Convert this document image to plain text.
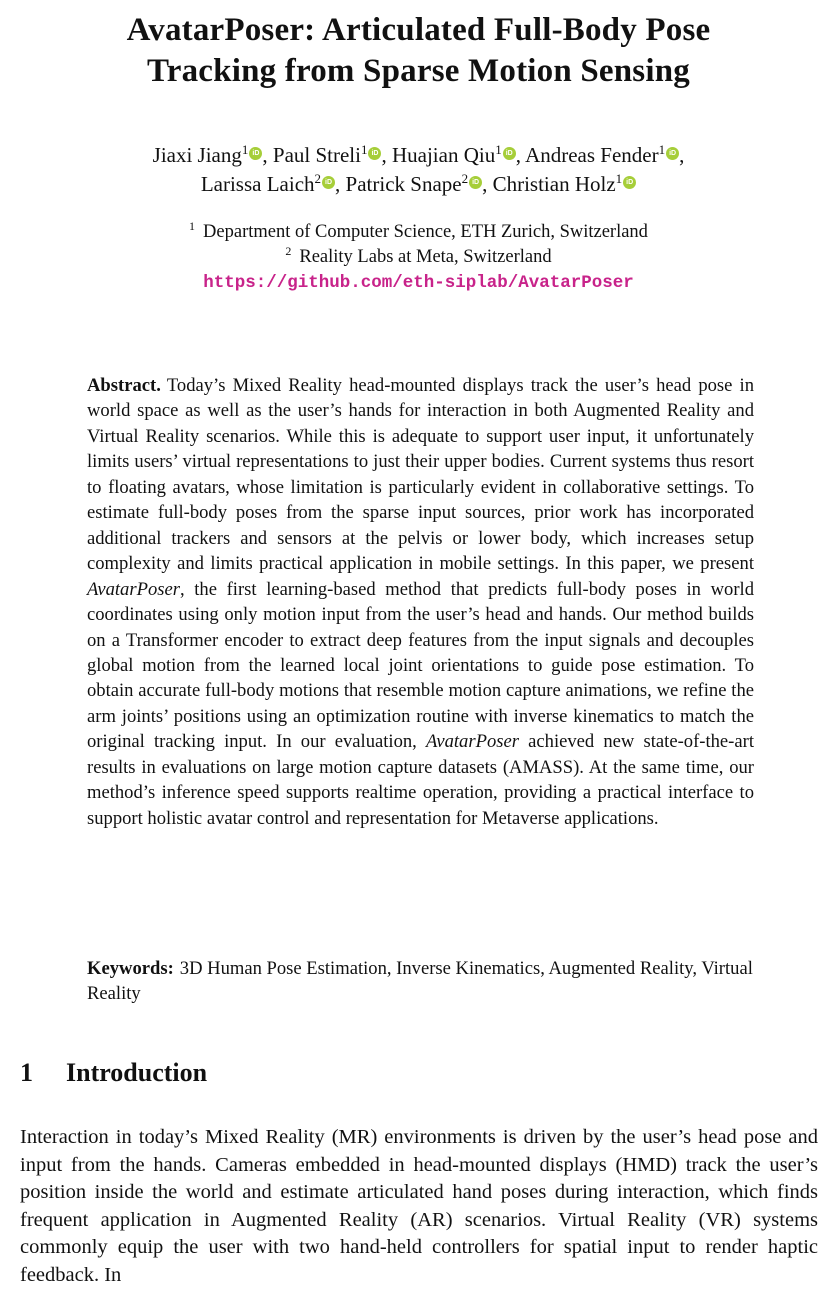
AvatarPoser: Articulated Full-Body Pose
Tracking from Sparse Motion Sensing
Jiaxi Jiang$^1$ iD , Paul Streli$^1$ iD , Huajian Qiu$^1$ iD , Andreas Fender$^1$ iD ,
Larissa Laich$^2$ iD , Patrick Snape$^2$ iD , Christian Holz$^1$iD
$^1$ Department of Computer Science, ETH Zurich, Switzerland
$^2$ Reality Labs at Meta, Switzerland
https://github.com/eth-siplab/AvatarPoser
Abstract. Today’s Mixed Reality head-mounted displays track the user’s head pose in world space as well as the user’s hands for interaction in both Augmented Reality and Virtual Reality scenarios. While this is adequate to support user input, it unfortunately limits users’ virtual representations to just their upper bodies. Current systems thus resort to floating avatars, whose limitation is particularly evident in collaborative settings. To estimate full-body poses from the sparse input sources, prior work has incorporated additional trackers and sensors at the pelvis or lower body, which increases setup complexity and limits practical application in mobile settings. In this paper, we present AvatarPoser, the first learning-based method that predicts full-body poses in world coordinates using only motion input from the user’s head and hands. Our method builds on a Transformer encoder to extract deep features from the input signals and decouples global motion from the learned local joint orientations to guide pose estimation. To obtain accurate full-body motions that resemble motion capture animations, we refine the arm joints’ positions using an optimization routine with inverse kinematics to match the original tracking input. In our evaluation, AvatarPoser achieved new state-of-the-art results in evaluations on large motion capture datasets (AMASS). At the same time, our method’s inference speed supports realtime operation, providing a practical interface to support holistic avatar control and representation for Metaverse applications.
Keywords: 3D Human Pose Estimation, Inverse Kinematics, Augmented Reality, Virtual Reality
1 Introduction
Interaction in today’s Mixed Reality (MR) environments is driven by the user’s head pose and input from the hands. Cameras embedded in head-mounted displays (HMD) track the user’s position inside the world and estimate articulated hand poses during interaction, which finds frequent application in Augmented Reality (AR) scenarios. Virtual Reality (VR) systems commonly equip the user with two hand-held controllers for spatial input to render haptic feedback. In
